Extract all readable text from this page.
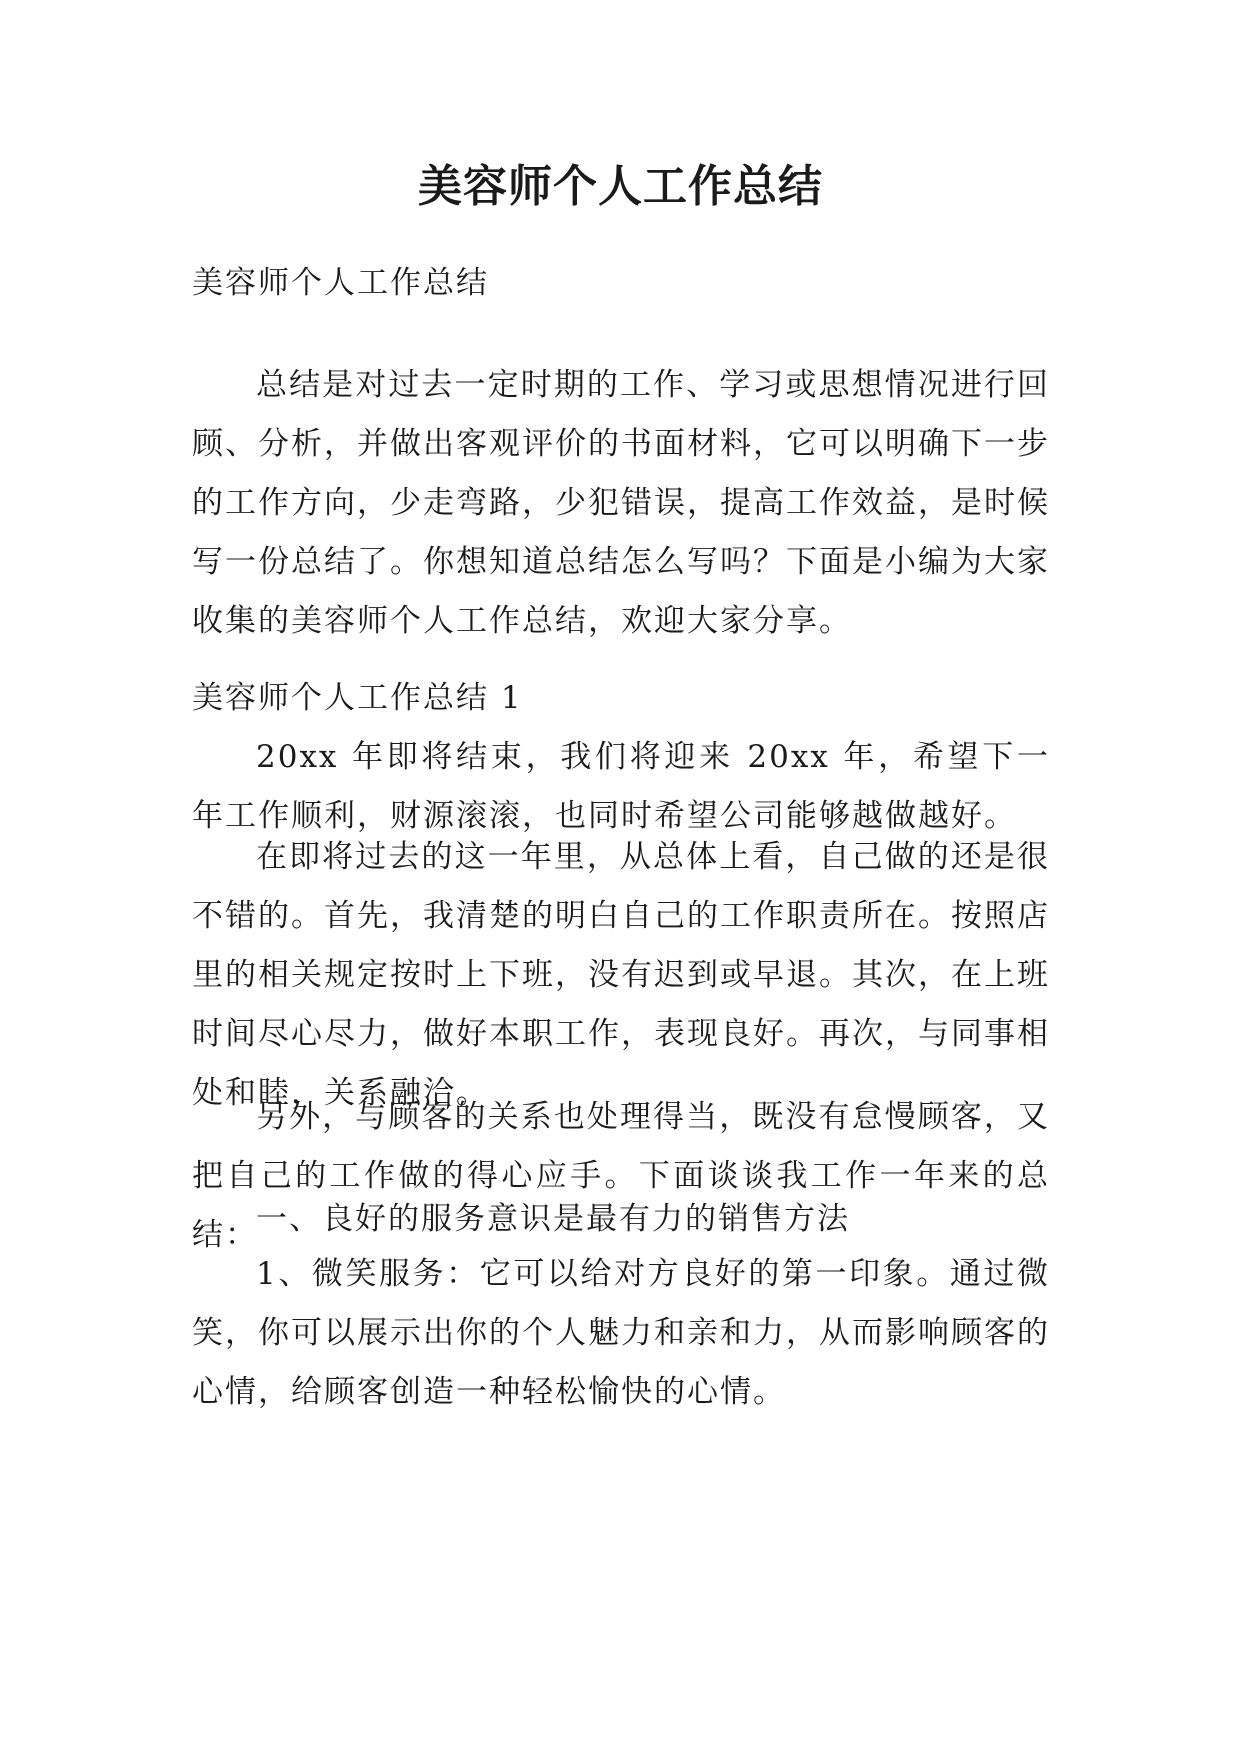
美容师个人工作总结

美容师个人工作总结

总结是对过去一定时期的工作、学习或思想情况进行回顾、分析，并做出客观评价的书面材料，它可以明确下一步的工作方向，少走弯路，少犯错误，提高工作效益，是时候写一份总结了。你想知道总结怎么写吗？下面是小编为大家收集的美容师个人工作总结，欢迎大家分享。

美容师个人工作总结 1

20xx 年即将结束，我们将迎来 20xx 年，希望下一年工作顺利，财源滚滚，也同时希望公司能够越做越好。

在即将过去的这一年里，从总体上看，自己做的还是很不错的。首先，我清楚的明白自己的工作职责所在。按照店里的相关规定按时上下班，没有迟到或早退。其次，在上班时间尽心尽力，做好本职工作，表现良好。再次，与同事相处和睦，关系融洽。

另外，与顾客的关系也处理得当，既没有怠慢顾客，又把自己的工作做的得心应手。下面谈谈我工作一年来的总结：

一、良好的服务意识是最有力的销售方法

1、微笑服务：它可以给对方良好的第一印象。通过微笑，你可以展示出你的个人魅力和亲和力，从而影响顾客的心情，给顾客创造一种轻松愉快的心情。
